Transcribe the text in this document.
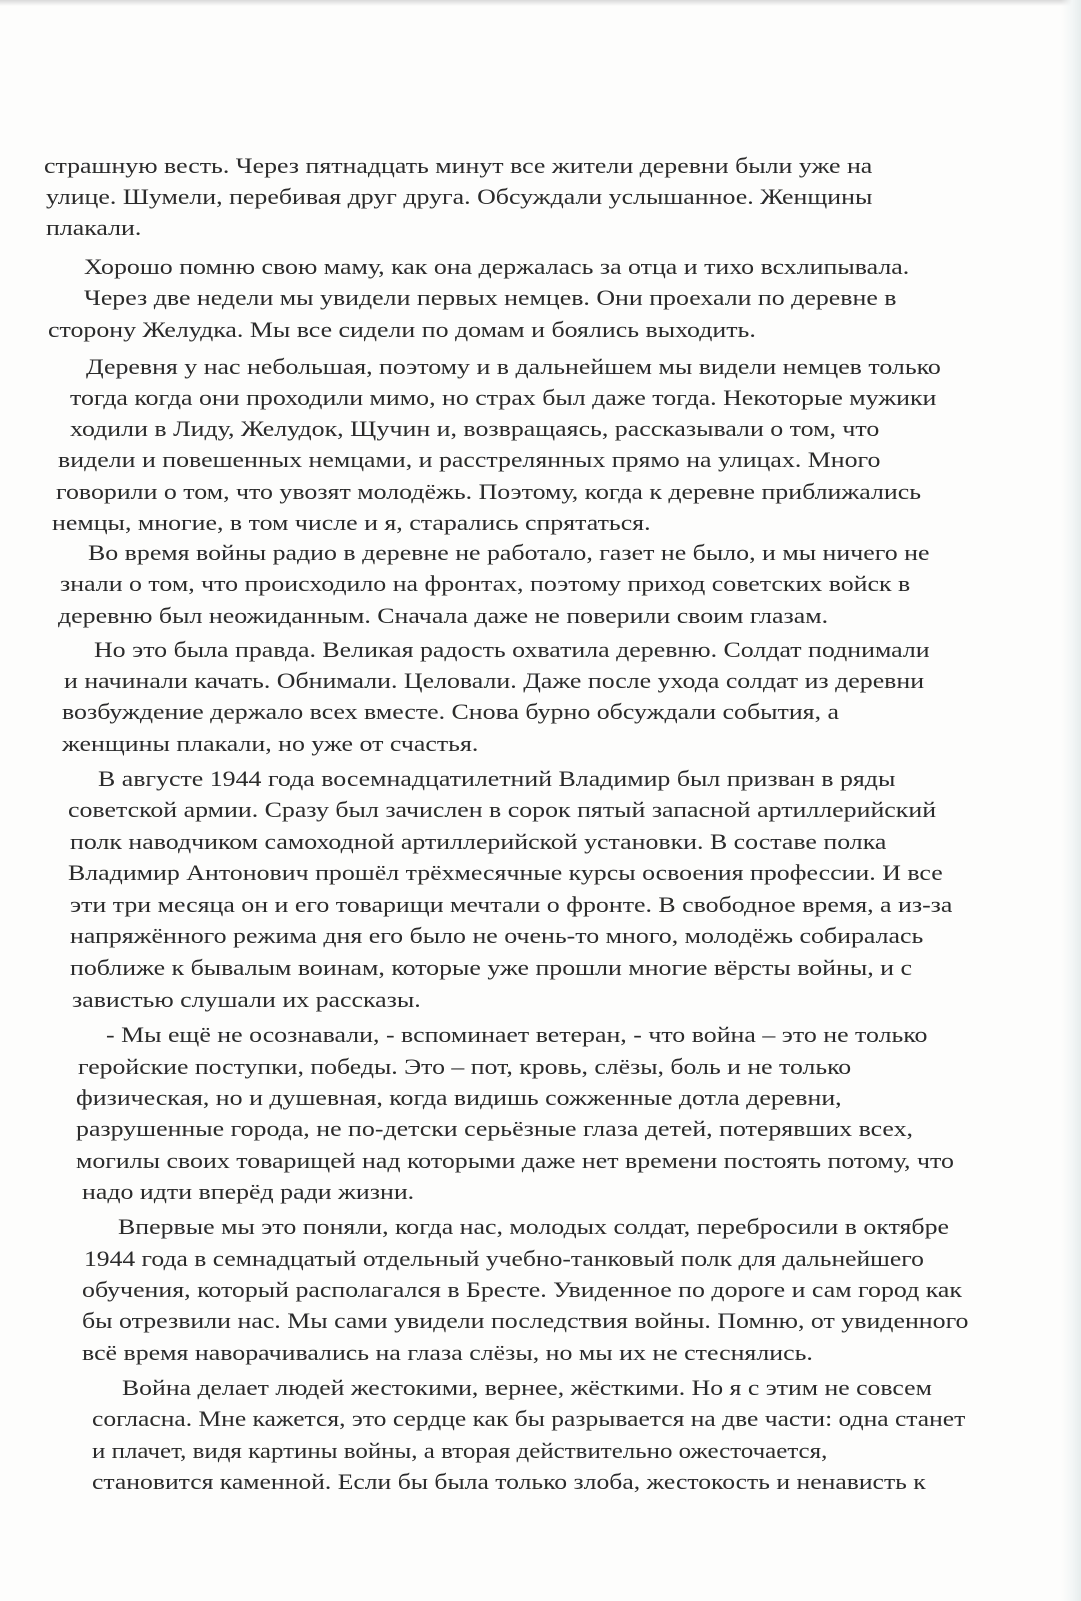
страшную весть. Через пятнадцать минут все жители деревни были уже на
улице. Шумели, перебивая друг друга. Обсуждали услышанное. Женщины
плакали.
Хорошо помню свою маму, как она держалась за отца и тихо всхлипывала.
Через две недели мы увидели первых немцев. Они проехали по деревне в
сторону Желудка. Мы все сидели по домам и боялись выходить.
Деревня у нас небольшая, поэтому и в дальнейшем мы видели немцев только
тогда когда они проходили мимо, но страх был даже тогда. Некоторые мужики
ходили в Лиду, Желудок, Щучин и, возвращаясь, рассказывали о том, что
видели и повешенных немцами, и расстрелянных прямо на улицах. Много
говорили о том, что увозят молодёжь. Поэтому, когда к деревне приближались
немцы, многие, в том числе и я, старались спрятаться.
Во время войны радио в деревне не работало, газет не было, и мы ничего не
знали о том, что происходило на фронтах, поэтому приход советских войск в
деревню был неожиданным. Сначала даже не поверили своим глазам.
Но это была правда. Великая радость охватила деревню. Солдат поднимали
и начинали качать. Обнимали. Целовали. Даже после ухода солдат из деревни
возбуждение держало всех вместе. Снова бурно обсуждали события, а
женщины плакали, но уже от счастья.
В августе 1944 года восемнадцатилетний Владимир был призван в ряды
советской армии. Сразу был зачислен в сорок пятый запасной артиллерийский
полк наводчиком самоходной артиллерийской установки. В составе полка
Владимир Антонович прошёл трёхмесячные курсы освоения профессии. И все
эти три месяца он и его товарищи мечтали о фронте. В свободное время, а из-за
напряжённого режима дня его было не очень-то много, молодёжь собиралась
поближе к бывалым воинам, которые уже прошли многие вёрсты войны, и с
завистью слушали их рассказы.
- Мы ещё не осознавали, - вспоминает ветеран, - что война – это не только
геройские поступки, победы. Это – пот, кровь, слёзы, боль и не только
физическая, но и душевная, когда видишь сожженные дотла деревни,
разрушенные города, не по-детски серьёзные глаза детей, потерявших всех,
могилы своих товарищей над которыми даже нет времени постоять потому, что
надо идти вперёд ради жизни.
Впервые мы это поняли, когда нас, молодых солдат, перебросили в октябре
1944 года в семнадцатый отдельный учебно-танковый полк для дальнейшего
обучения, который располагался в Бресте. Увиденное по дороге и сам город как
бы отрезвили нас. Мы сами увидели последствия войны. Помню, от увиденного
всё время наворачивались на глаза слёзы, но мы их не стеснялись.
Война делает людей жестокими, вернее, жёсткими. Но я с этим не совсем
согласна. Мне кажется, это сердце как бы разрывается на две части: одна станет
и плачет, видя картины войны, а вторая действительно ожесточается,
становится каменной. Если бы была только злоба, жестокость и ненависть к
